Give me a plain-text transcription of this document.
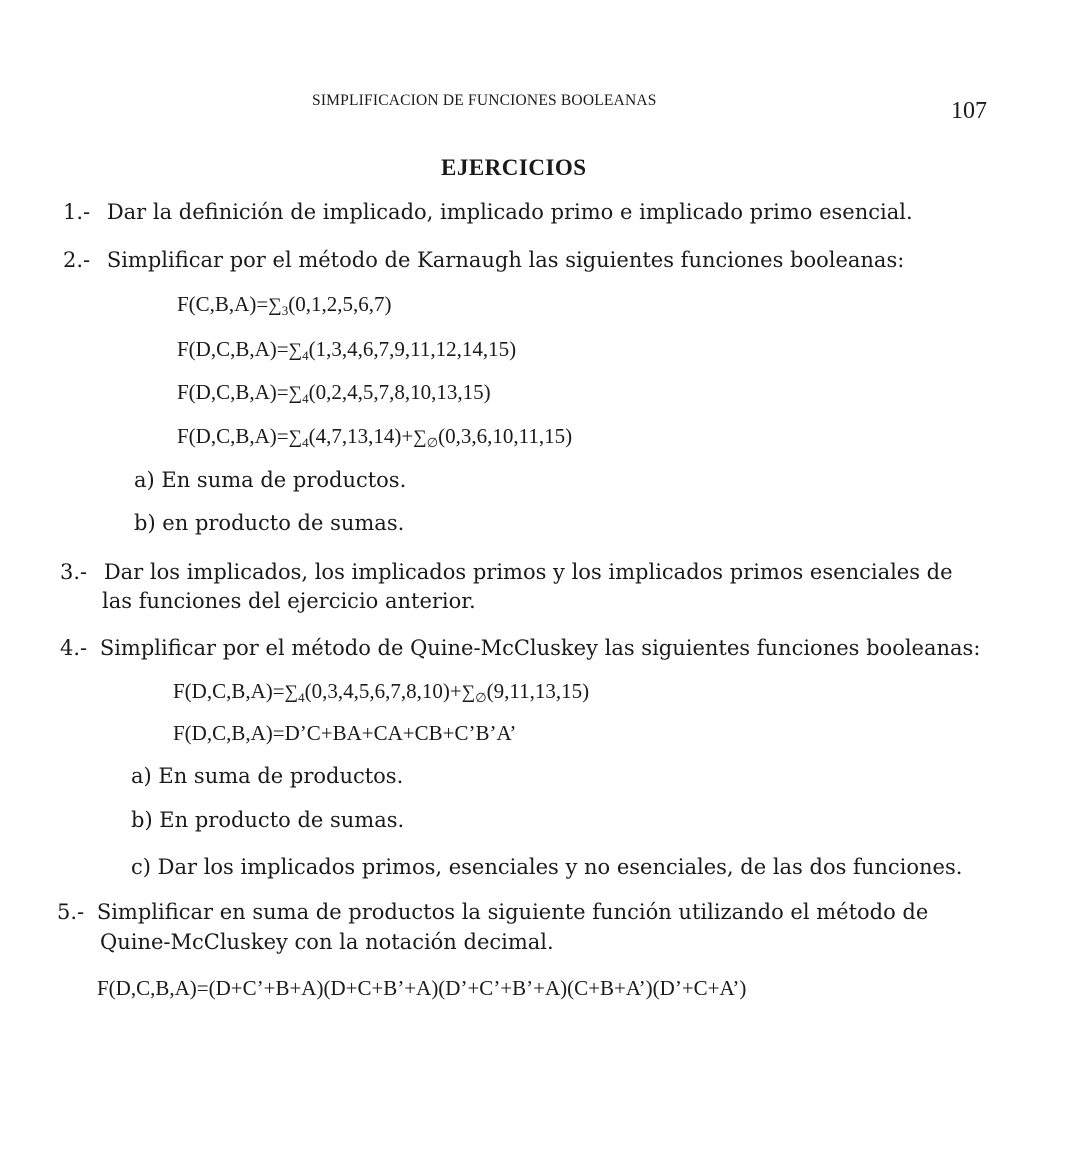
SIMPLIFICACION DE FUNCIONES BOOLEANAS	107
EJERCICIOS
1.- Dar la definición de implicado, implicado primo e implicado primo esencial.
2.- Simplificar por el método de Karnaugh las siguientes funciones booleanas:
$F(C,B,A)=\sum_3(0,1,2,5,6,7)$
$F(D,C,B,A)=\sum_4(1,3,4,6,7,9,11,12,14,15)$
$F(D,C,B,A)=\sum_4(0,2,4,5,7,8,10,13,15)$
$F(D,C,B,A)=\sum_4(4,7,13,14)+\sum_\emptyset(0,3,6,10,11,15)$
a) En suma de productos.
b) en producto de sumas.
3.- Dar los implicados, los implicados primos y los implicados primos esenciales de
las funciones del ejercicio anterior.
4.- Simplificar por el método de Quine-McCluskey las siguientes funciones booleanas:
$F(D,C,B,A)=\sum_4(0,3,4,5,6,7,8,10)+\sum_\emptyset(9,11,13,15)$
F(D,C,B,A)=D’C+BA+CA+CB+C’B’A’
a) En suma de productos.
b) En producto de sumas.
c) Dar los implicados primos, esenciales y no esenciales, de las dos funciones.
5.- Simplificar en suma de productos la siguiente función utilizando el método de
Quine-McCluskey con la notación decimal.
F(D,C,B,A)=(D+C’+B+A)(D+C+B’+A)(D’+C’+B’+A)(C+B+A’)(D’+C+A’)
